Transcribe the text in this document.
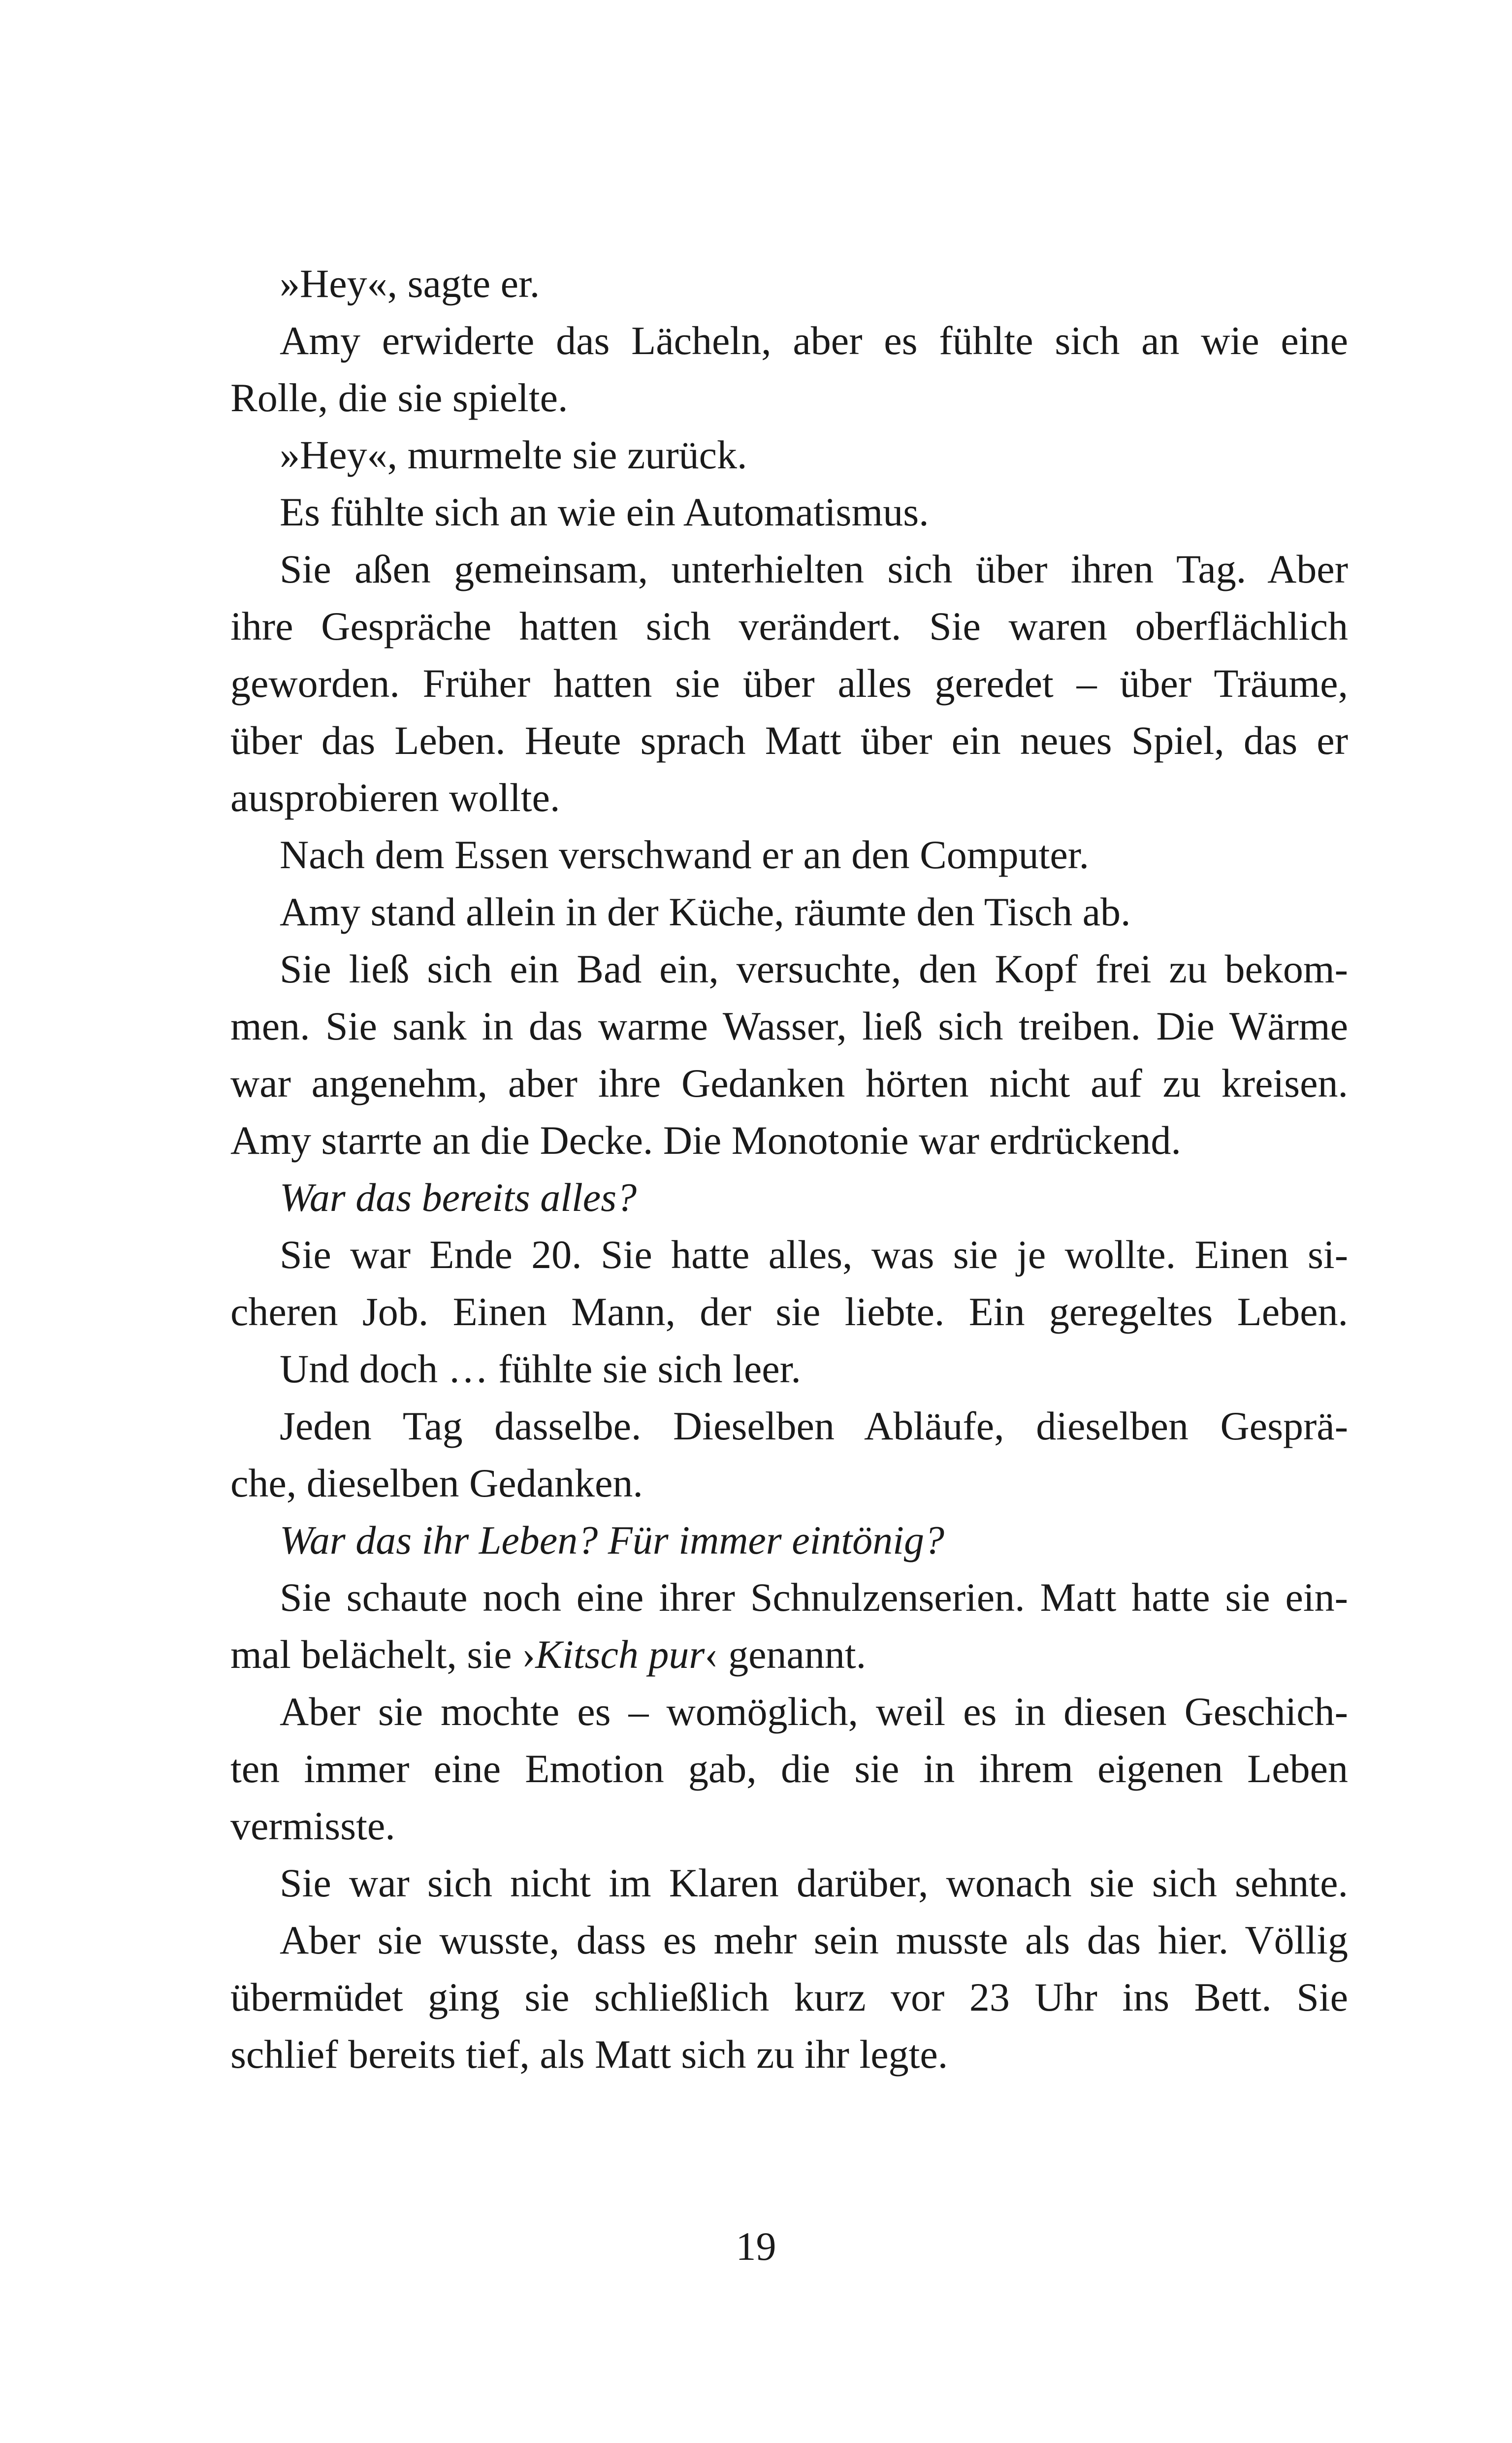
»Hey«, sagte er.
Amy erwiderte das Lächeln, aber es fühlte sich an wie eine
Rolle, die sie spielte.
»Hey«, murmelte sie zurück.
Es fühlte sich an wie ein Automatismus.
Sie aßen gemeinsam, unterhielten sich über ihren Tag. Aber
ihre Gespräche hatten sich verändert. Sie waren oberflächlich
geworden. Früher hatten sie über alles geredet – über Träume,
über das Leben. Heute sprach Matt über ein neues Spiel, das er
ausprobieren wollte.
Nach dem Essen verschwand er an den Computer.
Amy stand allein in der Küche, räumte den Tisch ab.
Sie ließ sich ein Bad ein, versuchte, den Kopf frei zu bekom-
men. Sie sank in das warme Wasser, ließ sich treiben. Die Wärme
war angenehm, aber ihre Gedanken hörten nicht auf zu kreisen.
Amy starrte an die Decke. Die Monotonie war erdrückend.
War das bereits alles?
Sie war Ende 20. Sie hatte alles, was sie je wollte. Einen si-
cheren Job. Einen Mann, der sie liebte. Ein geregeltes Leben.
Und doch … fühlte sie sich leer.
Jeden Tag dasselbe. Dieselben Abläufe, dieselben Gesprä-
che, dieselben Gedanken.
War das ihr Leben? Für immer eintönig?
Sie schaute noch eine ihrer Schnulzenserien. Matt hatte sie ein-
mal belächelt, sie ›Kitsch pur‹ genannt.
Aber sie mochte es – womöglich, weil es in diesen Geschich-
ten immer eine Emotion gab, die sie in ihrem eigenen Leben
vermisste.
Sie war sich nicht im Klaren darüber, wonach sie sich sehnte.
Aber sie wusste, dass es mehr sein musste als das hier. Völlig
übermüdet ging sie schließlich kurz vor 23 Uhr ins Bett. Sie
schlief bereits tief, als Matt sich zu ihr legte.
19
